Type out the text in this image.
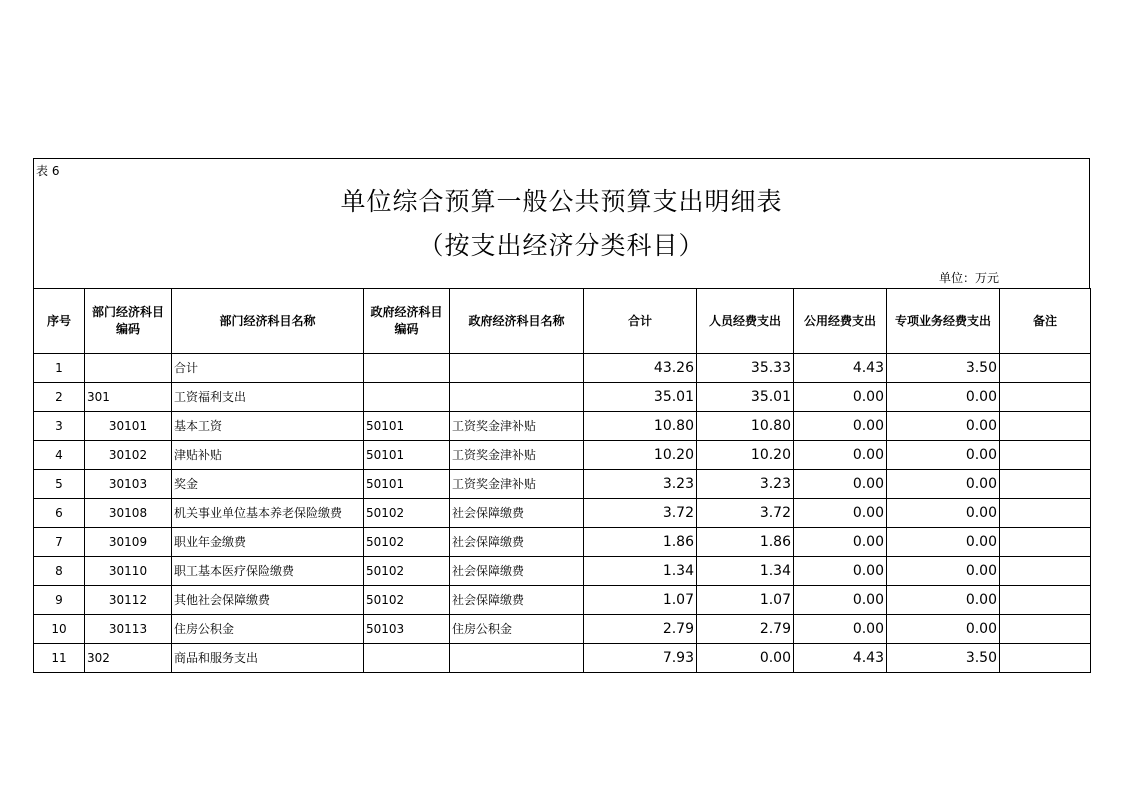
表 6
单位综合预算一般公共预算支出明细表
（按支出经济分类科目）
单位：万元
序号	部门经济科目编码	部门经济科目名称	政府经济科目编码	政府经济科目名称	合计	人员经费支出	公用经费支出	专项业务经费支出	备注
1		合计			43.26	35.33	4.43	3.50	
2	301	工资福利支出			35.01	35.01	0.00	0.00	
3	30101	基本工资	50101	工资奖金津补贴	10.80	10.80	0.00	0.00	
4	30102	津贴补贴	50101	工资奖金津补贴	10.20	10.20	0.00	0.00	
5	30103	奖金	50101	工资奖金津补贴	3.23	3.23	0.00	0.00	
6	30108	机关事业单位基本养老保险缴费	50102	社会保障缴费	3.72	3.72	0.00	0.00	
7	30109	职业年金缴费	50102	社会保障缴费	1.86	1.86	0.00	0.00	
8	30110	职工基本医疗保险缴费	50102	社会保障缴费	1.34	1.34	0.00	0.00	
9	30112	其他社会保障缴费	50102	社会保障缴费	1.07	1.07	0.00	0.00	
10	30113	住房公积金	50103	住房公积金	2.79	2.79	0.00	0.00	
11	302	商品和服务支出			7.93	0.00	4.43	3.50	
